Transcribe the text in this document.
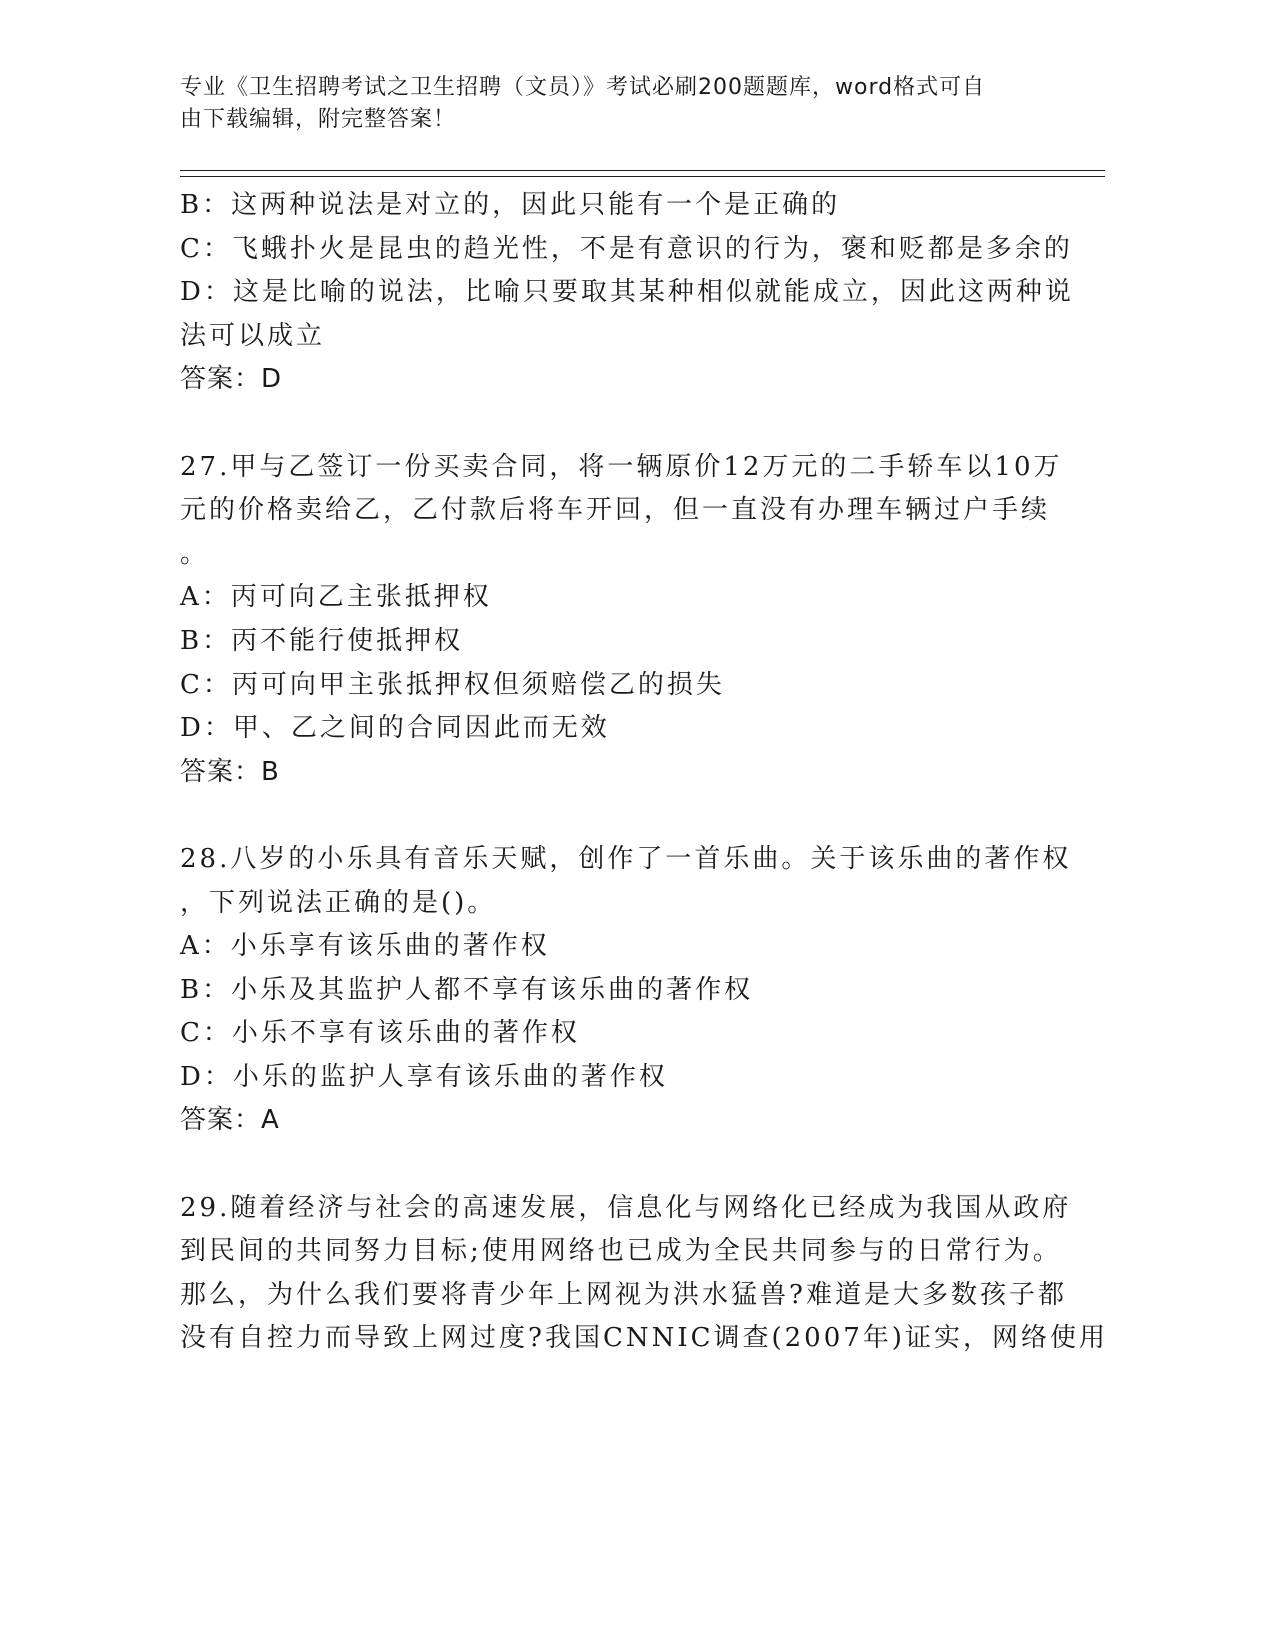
专业《卫生招聘考试之卫生招聘（文员）》考试必刷200题题库，word格式可自
由下载编辑，附完整答案！
B：这两种说法是对立的，因此只能有一个是正确的
C：飞蛾扑火是昆虫的趋光性，不是有意识的行为，褒和贬都是多余的
D：这是比喻的说法，比喻只要取其某种相似就能成立，因此这两种说
法可以成立
答案：D
27.甲与乙签订一份买卖合同，将一辆原价12万元的二手轿车以10万
元的价格卖给乙，乙付款后将车开回，但一直没有办理车辆过户手续
。
A：丙可向乙主张抵押权
B：丙不能行使抵押权
C：丙可向甲主张抵押权但须赔偿乙的损失
D：甲、乙之间的合同因此而无效
答案：B
28.八岁的小乐具有音乐天赋，创作了一首乐曲。关于该乐曲的著作权
，下列说法正确的是()。
A：小乐享有该乐曲的著作权
B：小乐及其监护人都不享有该乐曲的著作权
C：小乐不享有该乐曲的著作权
D：小乐的监护人享有该乐曲的著作权
答案：A
29.随着经济与社会的高速发展，信息化与网络化已经成为我国从政府
到民间的共同努力目标;使用网络也已成为全民共同参与的日常行为。
那么，为什么我们要将青少年上网视为洪水猛兽?难道是大多数孩子都
没有自控力而导致上网过度?我国CNNIC调查(2007年)证实，网络使用
